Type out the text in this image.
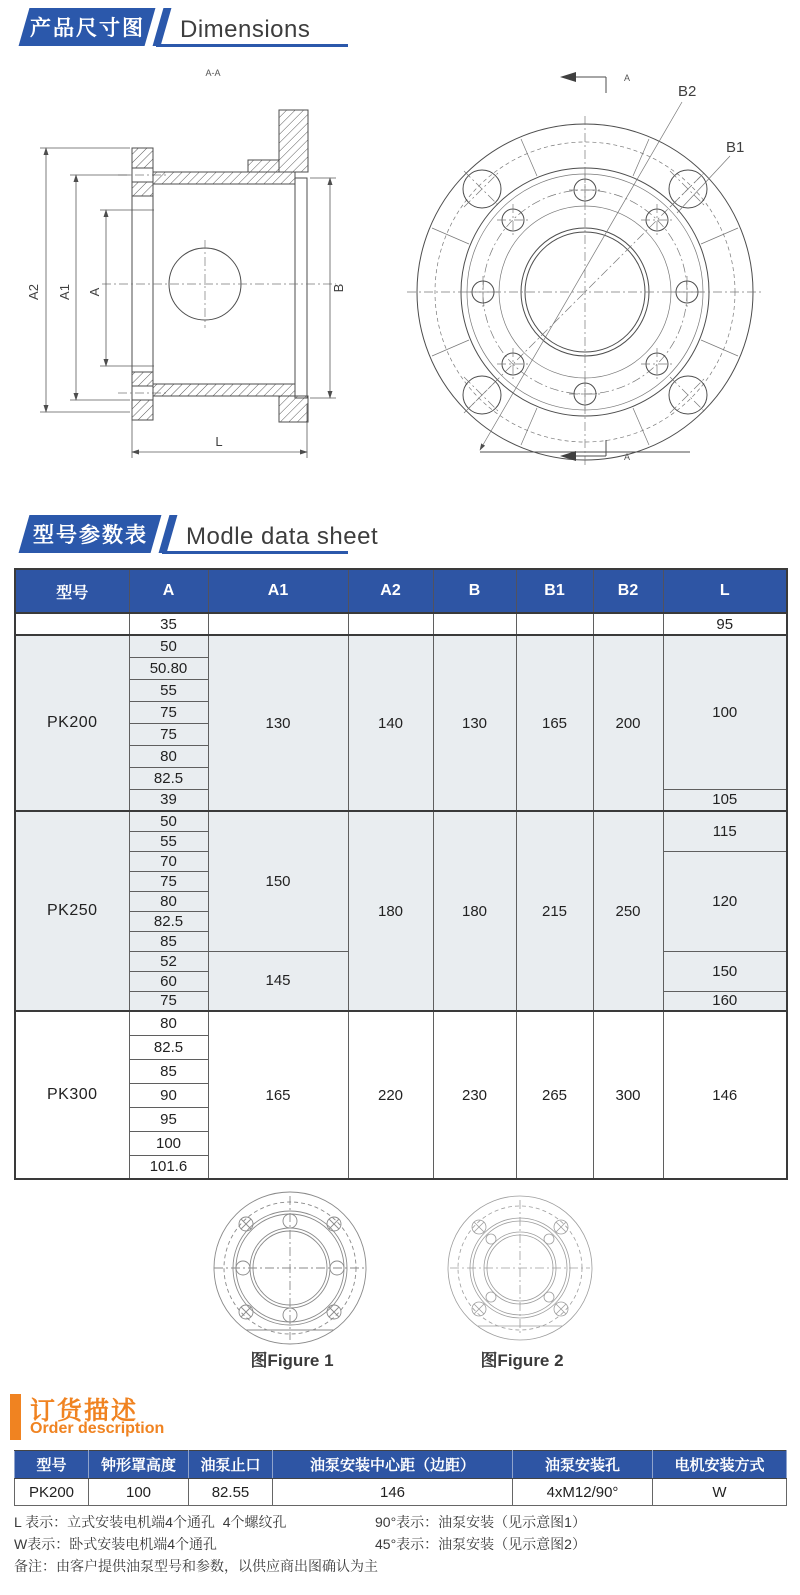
产品尺寸图 Dimensions
A-A
A2 A1 A	B
L
B2
B1
A
A
型号参数表 Modle data sheet
型号	A	A1	A2	B	B1	B2	L
	35						95
PK200	50	130	140	130	165	200	100
	50.80						
	55						
	75						
	75						
	80						
	82.5						
	39						105
PK250	50	150	180	180	215	250	115
	55						
	70						120
	75						
	80						
	82.5						
	85						
	52	145					150
	60						
	75						160
PK300	80	165	220	230	265	300	146
	82.5						
	85						
	90						
	95						
	100						
	101.6						
图Figure 1	图Figure 2
订货描述
Order description
型号	钟形罩高度	油泵止口	油泵安装中心距（边距）	油泵安装孔	电机安装方式
PK200	100	82.55	146	4xM12/90°	W
L 表示：立式安装电机端4个通孔  4个螺纹孔	90°表示：油泵安装（见示意图1）
W表示：卧式安装电机端4个通孔	45°表示：油泵安装（见示意图2）
备注：由客户提供油泵型号和参数，以供应商出图确认为主
